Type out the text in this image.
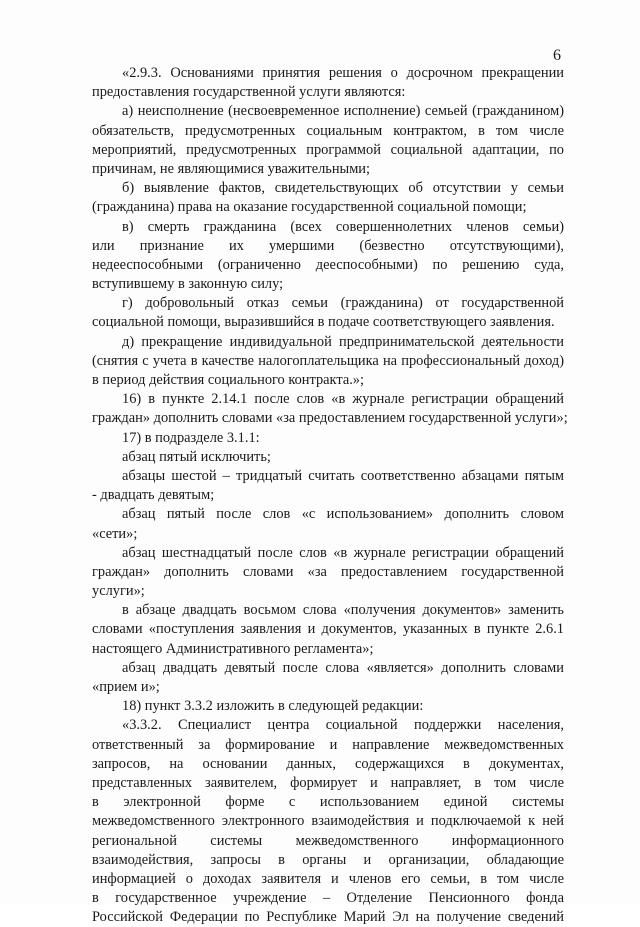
6
«2.9.3. Основаниями принятия решения о досрочном прекращении
предоставления государственной услуги являются:
а) неисполнение (несвоевременное исполнение) семьей (гражданином)
обязательств, предусмотренных социальным контрактом, в том числе
мероприятий, предусмотренных программой социальной адаптации, по
причинам, не являющимися уважительными;
б) выявление фактов, свидетельствующих об отсутствии у семьи
(гражданина) права на оказание государственной социальной помощи;
в) смерть гражданина (всех совершеннолетних членов семьи)
или признание их умершими (безвестно отсутствующими),
недееспособными (ограниченно дееспособными) по решению суда,
вступившему в законную силу;
г) добровольный отказ семьи (гражданина) от государственной
социальной помощи, выразившийся в подаче соответствующего заявления.
д) прекращение индивидуальной предпринимательской деятельности
(снятия с учета в качестве налогоплательщика на профессиональный доход)
в период действия социального контракта.»;
16) в пункте 2.14.1 после слов «в журнале регистрации обращений
граждан» дополнить словами «за предоставлением государственной услуги»;
17) в подразделе 3.1.1:
абзац пятый исключить;
абзацы шестой – тридцатый считать соответственно абзацами пятым
- двадцать девятым;
абзац пятый после слов «с использованием» дополнить словом
«сети»;
абзац шестнадцатый после слов «в журнале регистрации обращений
граждан» дополнить словами «за предоставлением государственной
услуги»;
в абзаце двадцать восьмом слова «получения документов» заменить
словами «поступления заявления и документов, указанных в пункте 2.6.1
настоящего Административного регламента»;
абзац двадцать девятый после слова «является» дополнить словами
«прием и»;
18) пункт 3.3.2 изложить в следующей редакции:
«3.3.2. Специалист центра социальной поддержки населения,
ответственный за формирование и направление межведомственных
запросов, на основании данных, содержащихся в документах,
представленных заявителем, формирует и направляет, в том числе
в электронной форме с использованием единой системы
межведомственного электронного взаимодействия и подключаемой к ней
региональной системы межведомственного информационного
взаимодействия, запросы в органы и организации, обладающие
информацией о доходах заявителя и членов его семьи, в том числе
в государственное учреждение – Отделение Пенсионного фонда
Российской Федерации по Республике Марий Эл на получение сведений
